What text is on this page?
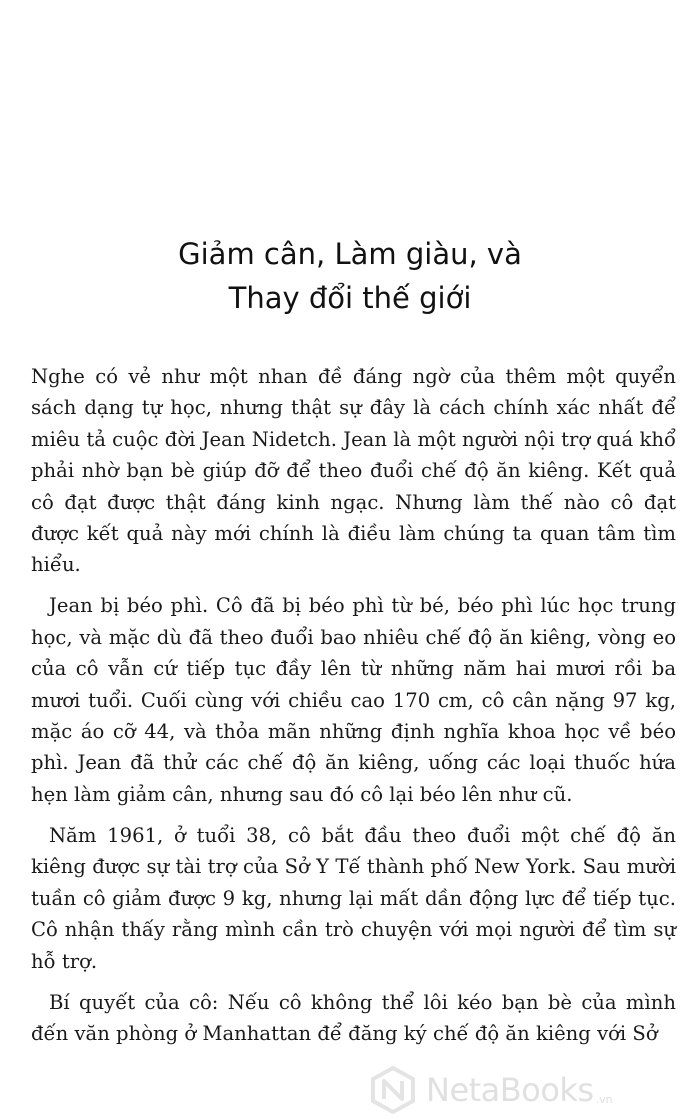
Giảm cân, Làm giàu, và
Thay đổi thế giới

Nghe có vẻ như một nhan đề đáng ngờ của thêm một quyển sách dạng tự học, nhưng thật sự đây là cách chính xác nhất để miêu tả cuộc đời Jean Nidetch. Jean là một người nội trợ quá khổ phải nhờ bạn bè giúp đỡ để theo đuổi chế độ ăn kiêng. Kết quả cô đạt được thật đáng kinh ngạc. Nhưng làm thế nào cô đạt được kết quả này mới chính là điều làm chúng ta quan tâm tìm hiểu.

Jean bị béo phì. Cô đã bị béo phì từ bé, béo phì lúc học trung học, và mặc dù đã theo đuổi bao nhiêu chế độ ăn kiêng, vòng eo của cô vẫn cứ tiếp tục đầy lên từ những năm hai mươi rồi ba mươi tuổi. Cuối cùng với chiều cao 170 cm, cô cân nặng 97 kg, mặc áo cỡ 44, và thỏa mãn những định nghĩa khoa học về béo phì. Jean đã thử các chế độ ăn kiêng, uống các loại thuốc hứa hẹn làm giảm cân, nhưng sau đó cô lại béo lên như cũ.

Năm 1961, ở tuổi 38, cô bắt đầu theo đuổi một chế độ ăn kiêng được sự tài trợ của Sở Y Tế thành phố New York. Sau mười tuần cô giảm được 9 kg, nhưng lại mất dần động lực để tiếp tục. Cô nhận thấy rằng mình cần trò chuyện với mọi người để tìm sự hỗ trợ.

Bí quyết của cô: Nếu cô không thể lôi kéo bạn bè của mình đến văn phòng ở Manhattan để đăng ký chế độ ăn kiêng với Sở

NetaBooks .vn
